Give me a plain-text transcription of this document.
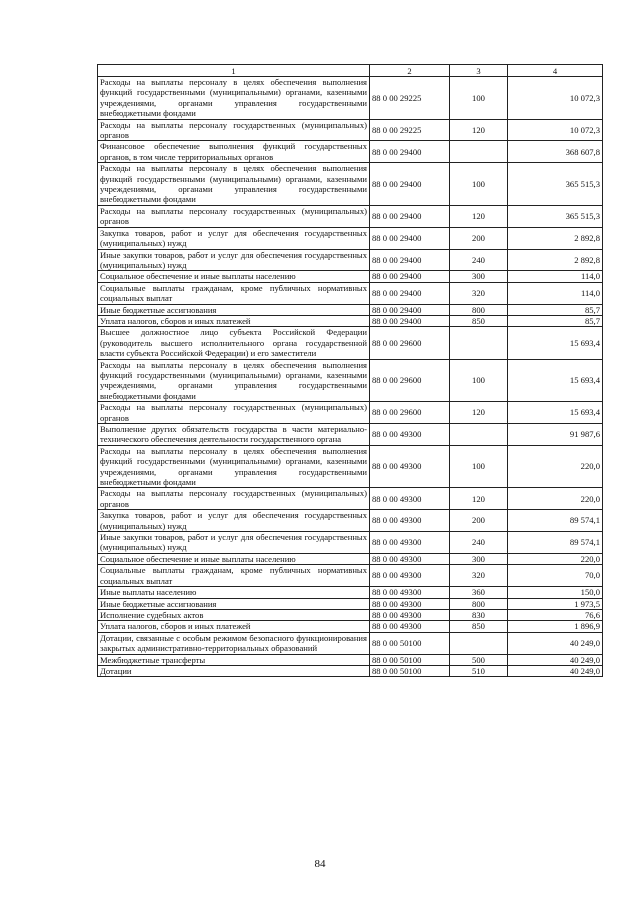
1	2	3	4
Расходы на выплаты персоналу в целях обеспечения выполнения функций государственными (муниципальными) органами, казенными учреждениями, органами управления государственными внебюджетными фондами	88 0 00 29225	100	10 072,3
Расходы на выплаты персоналу государственных (муниципальных) органов	88 0 00 29225	120	10 072,3
Финансовое обеспечение выполнения функций государственных органов, в том числе территориальных органов	88 0 00 29400		368 607,8
Расходы на выплаты персоналу в целях обеспечения выполнения функций государственными (муниципальными) органами, казенными учреждениями, органами управления государственными внебюджетными фондами	88 0 00 29400	100	365 515,3
Расходы на выплаты персоналу государственных (муниципальных) органов	88 0 00 29400	120	365 515,3
Закупка товаров, работ и услуг для обеспечения государственных (муниципальных) нужд	88 0 00 29400	200	2 892,8
Иные закупки товаров, работ и услуг для обеспечения государственных (муниципальных) нужд	88 0 00 29400	240	2 892,8
Социальное обеспечение и иные выплаты населению	88 0 00 29400	300	114,0
Социальные выплаты гражданам, кроме публичных нормативных социальных выплат	88 0 00 29400	320	114,0
Иные бюджетные ассигнования	88 0 00 29400	800	85,7
Уплата налогов, сборов и иных платежей	88 0 00 29400	850	85,7
Высшее должностное лицо субъекта Российской Федерации (руководитель высшего исполнительного органа государственной власти субъекта Российской Федерации) и его заместители	88 0 00 29600		15 693,4
Расходы на выплаты персоналу в целях обеспечения выполнения функций государственными (муниципальными) органами, казенными учреждениями, органами управления государственными внебюджетными фондами	88 0 00 29600	100	15 693,4
Расходы на выплаты персоналу государственных (муниципальных) органов	88 0 00 29600	120	15 693,4
Выполнение других обязательств государства в части материально-технического обеспечения деятельности государственного органа	88 0 00 49300		91 987,6
Расходы на выплаты персоналу в целях обеспечения выполнения функций государственными (муниципальными) органами, казенными учреждениями, органами управления государственными внебюджетными фондами	88 0 00 49300	100	220,0
Расходы на выплаты персоналу государственных (муниципальных) органов	88 0 00 49300	120	220,0
Закупка товаров, работ и услуг для обеспечения государственных (муниципальных) нужд	88 0 00 49300	200	89 574,1
Иные закупки товаров, работ и услуг для обеспечения государственных (муниципальных) нужд	88 0 00 49300	240	89 574,1
Социальное обеспечение и иные выплаты населению	88 0 00 49300	300	220,0
Социальные выплаты гражданам, кроме публичных нормативных социальных выплат	88 0 00 49300	320	70,0
Иные выплаты населению	88 0 00 49300	360	150,0
Иные бюджетные ассигнования	88 0 00 49300	800	1 973,5
Исполнение судебных актов	88 0 00 49300	830	76,6
Уплата налогов, сборов и иных платежей	88 0 00 49300	850	1 896,9
Дотации, связанные с особым режимом безопасного функционирования закрытых административно-территориальных образований	88 0 00 50100		40 249,0
Межбюджетные трансферты	88 0 00 50100	500	40 249,0
Дотации	88 0 00 50100	510	40 249,0
84
